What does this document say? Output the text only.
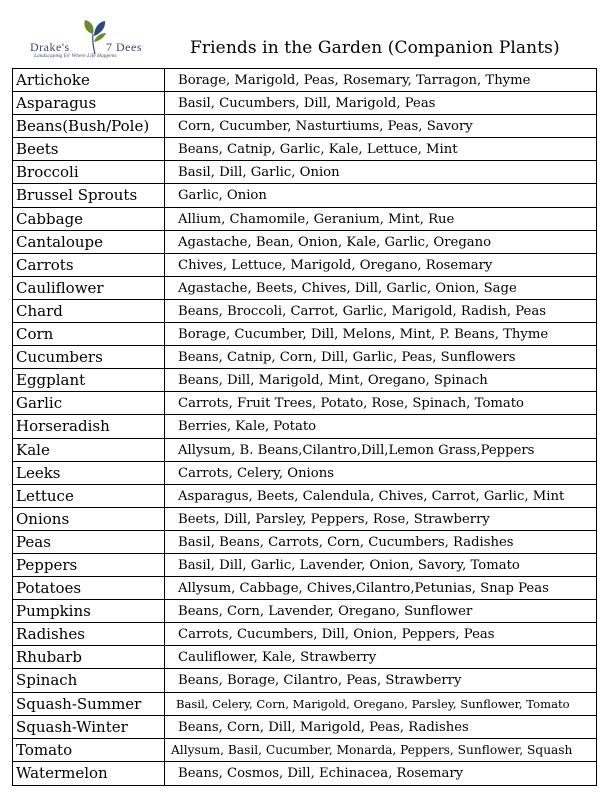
Drake's	7 Dees
Landscaping for Where Life Happens	Friends in the Garden (Companion Plants)
Artichoke	Borage, Marigold, Peas, Rosemary, Tarragon, Thyme
Asparagus	Basil, Cucumbers, Dill, Marigold, Peas
Beans(Bush/Pole)	Corn, Cucumber, Nasturtiums, Peas, Savory
Beets	Beans, Catnip, Garlic, Kale, Lettuce, Mint
Broccoli	Basil, Dill, Garlic, Onion
Brussel Sprouts	Garlic, Onion
Cabbage	Allium, Chamomile, Geranium, Mint, Rue
Cantaloupe	Agastache, Bean, Onion, Kale, Garlic, Oregano
Carrots	Chives, Lettuce, Marigold, Oregano, Rosemary
Cauliflower	Agastache, Beets, Chives, Dill, Garlic, Onion, Sage
Chard	Beans, Broccoli, Carrot, Garlic, Marigold, Radish, Peas
Corn	Borage, Cucumber, Dill, Melons, Mint, P. Beans, Thyme
Cucumbers	Beans, Catnip, Corn, Dill, Garlic, Peas, Sunflowers
Eggplant	Beans, Dill, Marigold, Mint, Oregano, Spinach
Garlic	Carrots, Fruit Trees, Potato, Rose, Spinach, Tomato
Horseradish	Berries, Kale, Potato
Kale	Allysum, B. Beans,Cilantro,Dill,Lemon Grass,Peppers
Leeks	Carrots, Celery, Onions
Lettuce	Asparagus, Beets, Calendula, Chives, Carrot, Garlic, Mint
Onions	Beets, Dill, Parsley, Peppers, Rose, Strawberry
Peas	Basil, Beans, Carrots, Corn, Cucumbers, Radishes
Peppers	Basil, Dill, Garlic, Lavender, Onion, Savory, Tomato
Potatoes	Allysum, Cabbage, Chives,Cilantro,Petunias, Snap Peas
Pumpkins	Beans, Corn, Lavender, Oregano, Sunflower
Radishes	Carrots, Cucumbers, Dill, Onion, Peppers, Peas
Rhubarb	Cauliflower, Kale, Strawberry
Spinach	Beans, Borage, Cilantro, Peas, Strawberry
Squash-Summer	Basil, Celery, Corn, Marigold, Oregano, Parsley, Sunflower, Tomato
Squash-Winter	Beans, Corn, Dill, Marigold, Peas, Radishes
Tomato	Allysum, Basil, Cucumber, Monarda, Peppers, Sunflower, Squash
Watermelon	Beans, Cosmos, Dill, Echinacea, Rosemary
